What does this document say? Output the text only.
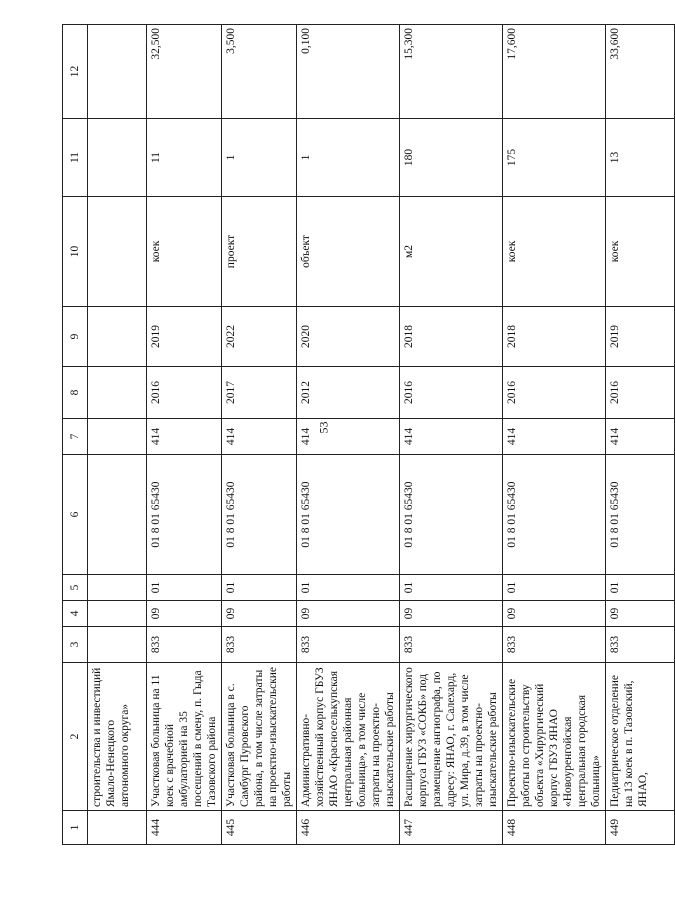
53
1	2	3	4	5	6	7	8	9	10	11	12
	строительства и инвестиций Ямало-Ненецкого автономного округа»										
444	Участковая больница на 11 коек с врачебной амбулаторией на 35 посещений в смену, п. Гыда Тазовского района	833	09	01	01 8 01 65430	414	2016	2019	коек	11	32,500
445	Участковая больница в с. Самбург Пуровского района, в том числе затраты на проектно-изыскательские работы	833	09	01	01 8 01 65430	414	2017	2022	проект	1	3,500
446	Административно-хозяйственный корпус ГБУЗ ЯНАО «Красноселькупская центральная районная больница», в том числе затраты на проектно-изыскательские работы	833	09	01	01 8 01 65430	414	2012	2020	объект	1	0,100
447	Расширение хирургического корпуса ГБУЗ «СОКБ» под размещение ангиографа, по адресу: ЯНАО, г. Салехард, ул. Мира, д.39, в том числе затраты на проектно-изыскательские работы	833	09	01	01 8 01 65430	414	2016	2018	м2	180	15,300
448	Проектно-изыскательские работы по строительству объекта «Хирургический корпус ГБУЗ ЯНАО «Новоуренгойская центральная городская больница»	833	09	01	01 8 01 65430	414	2016	2018	коек	175	17,600
449	Педиатрическое отделение на 13 коек в п. Тазовский, ЯНАО,	833	09	01	01 8 01 65430	414	2016	2019	коек	13	33,600
